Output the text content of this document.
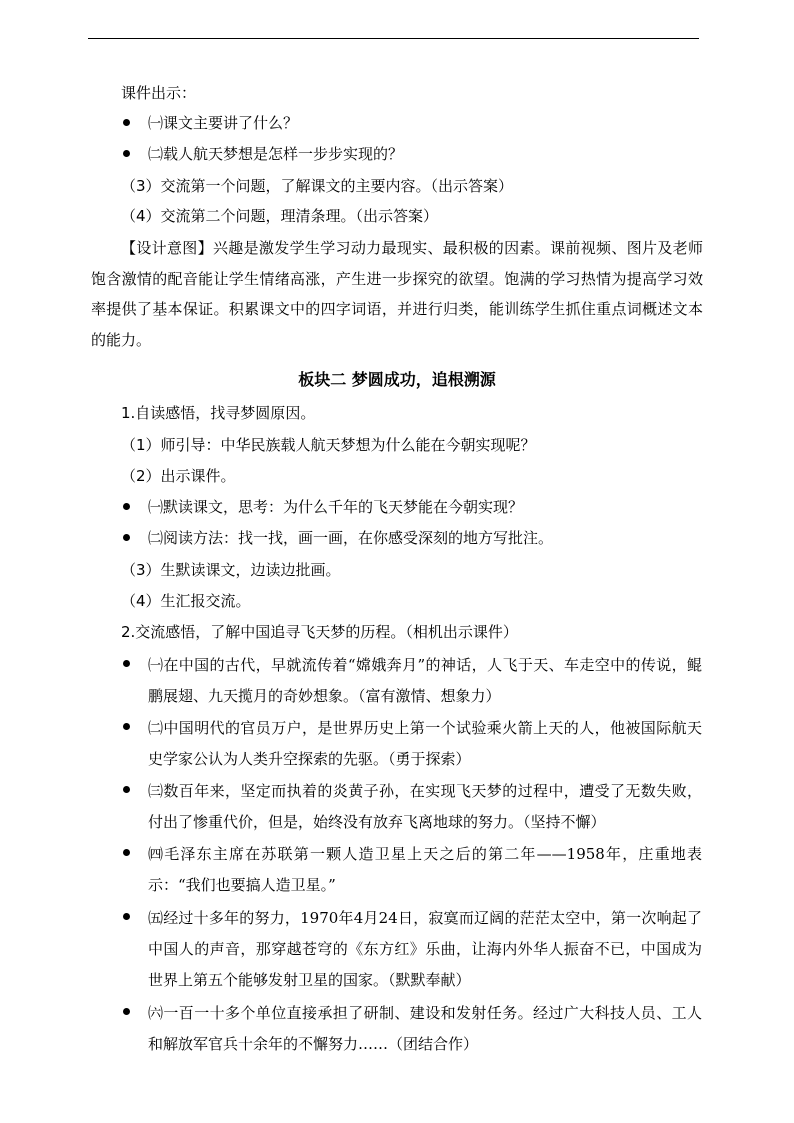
课件出示：
㈠课文主要讲了什么？
㈡载人航天梦想是怎样一步步实现的？
（3）交流第一个问题，了解课文的主要内容。（出示答案）
（4）交流第二个问题，理清条理。（出示答案）
【设计意图】兴趣是激发学生学习动力最现实、最积极的因素。课前视频、图片及老师饱含激情的配音能让学生情绪高涨，产生进一步探究的欲望。饱满的学习热情为提高学习效率提供了基本保证。积累课文中的四字词语，并进行归类，能训练学生抓住重点词概述文本的能力。
板块二 梦圆成功，追根溯源
1.自读感悟，找寻梦圆原因。
（1）师引导：中华民族载人航天梦想为什么能在今朝实现呢？
（2）出示课件。
㈠默读课文，思考：为什么千年的飞天梦能在今朝实现？
㈡阅读方法：找一找，画一画，在你感受深刻的地方写批注。
（3）生默读课文，边读边批画。
（4）生汇报交流。
2.交流感悟，了解中国追寻飞天梦的历程。（相机出示课件）
㈠在中国的古代，早就流传着“嫦娥奔月”的神话，人飞于天、车走空中的传说，鲲鹏展翅、九天揽月的奇妙想象。（富有激情、想象力）
㈡中国明代的官员万户，是世界历史上第一个试验乘火箭上天的人，他被国际航天史学家公认为人类升空探索的先驱。（勇于探索）
㈢数百年来，坚定而执着的炎黄子孙，在实现飞天梦的过程中，遭受了无数失败，付出了惨重代价，但是，始终没有放弃飞离地球的努力。（坚持不懈）
㈣毛泽东主席在苏联第一颗人造卫星上天之后的第二年——1958年，庄重地表示：“我们也要搞人造卫星。”
㈤经过十多年的努力，1970年4月24日，寂寞而辽阔的茫茫太空中，第一次响起了中国人的声音，那穿越苍穹的《东方红》乐曲，让海内外华人振奋不已，中国成为世界上第五个能够发射卫星的国家。（默默奉献）
㈥一百一十多个单位直接承担了研制、建设和发射任务。经过广大科技人员、工人和解放军官兵十余年的不懈努力……（团结合作）
